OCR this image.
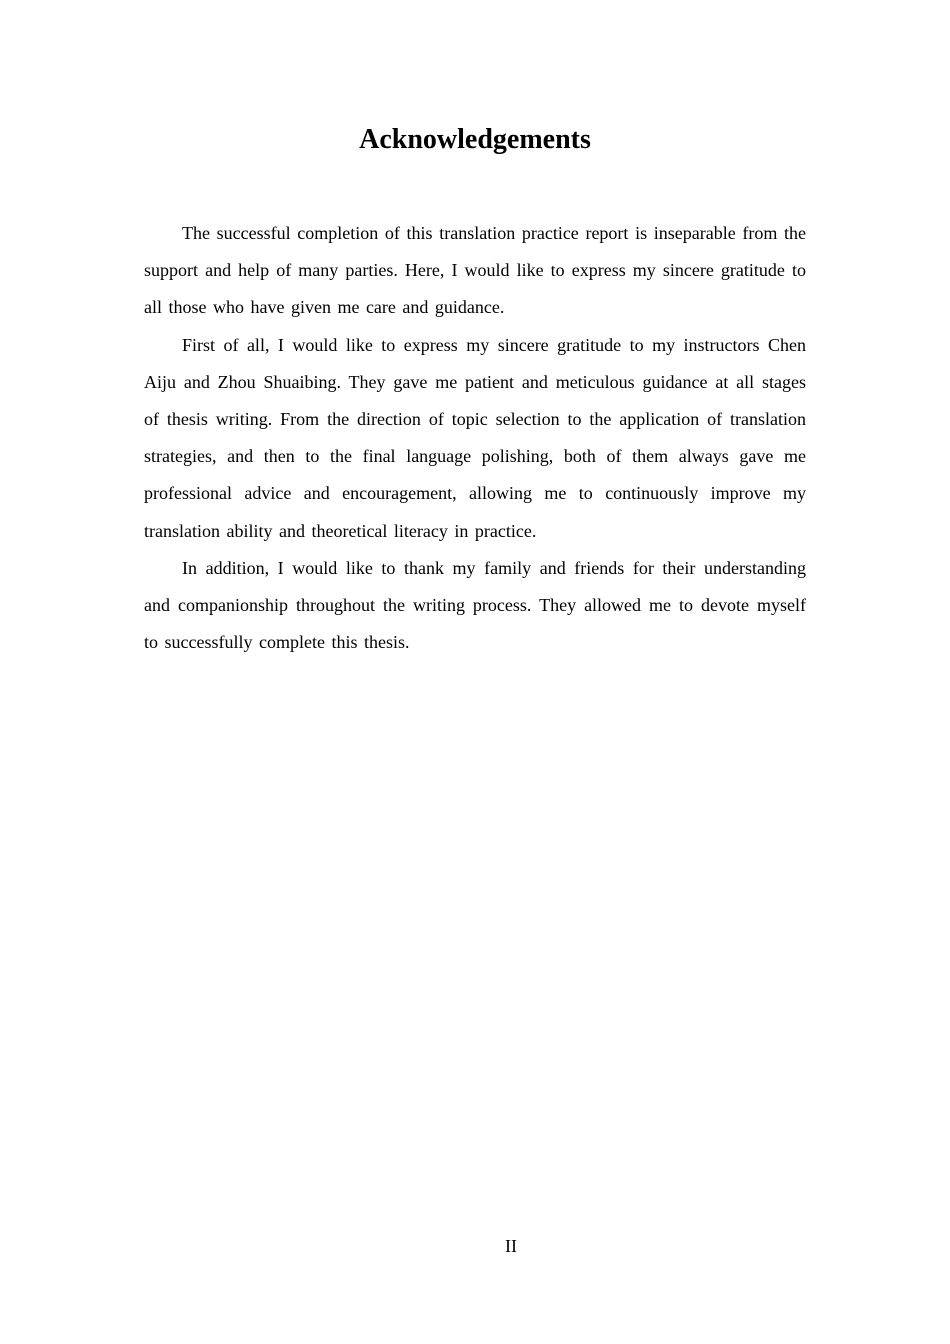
Acknowledgements

The successful completion of this translation practice report is inseparable from the support and help of many parties. Here, I would like to express my sincere gratitude to all those who have given me care and guidance.

First of all, I would like to express my sincere gratitude to my instructors Chen Aiju and Zhou Shuaibing. They gave me patient and meticulous guidance at all stages of thesis writing. From the direction of topic selection to the application of translation strategies, and then to the final language polishing, both of them always gave me professional advice and encouragement, allowing me to continuously improve my translation ability and theoretical literacy in practice.

In addition, I would like to thank my family and friends for their understanding and companionship throughout the writing process. They allowed me to devote myself to successfully complete this thesis.

II
